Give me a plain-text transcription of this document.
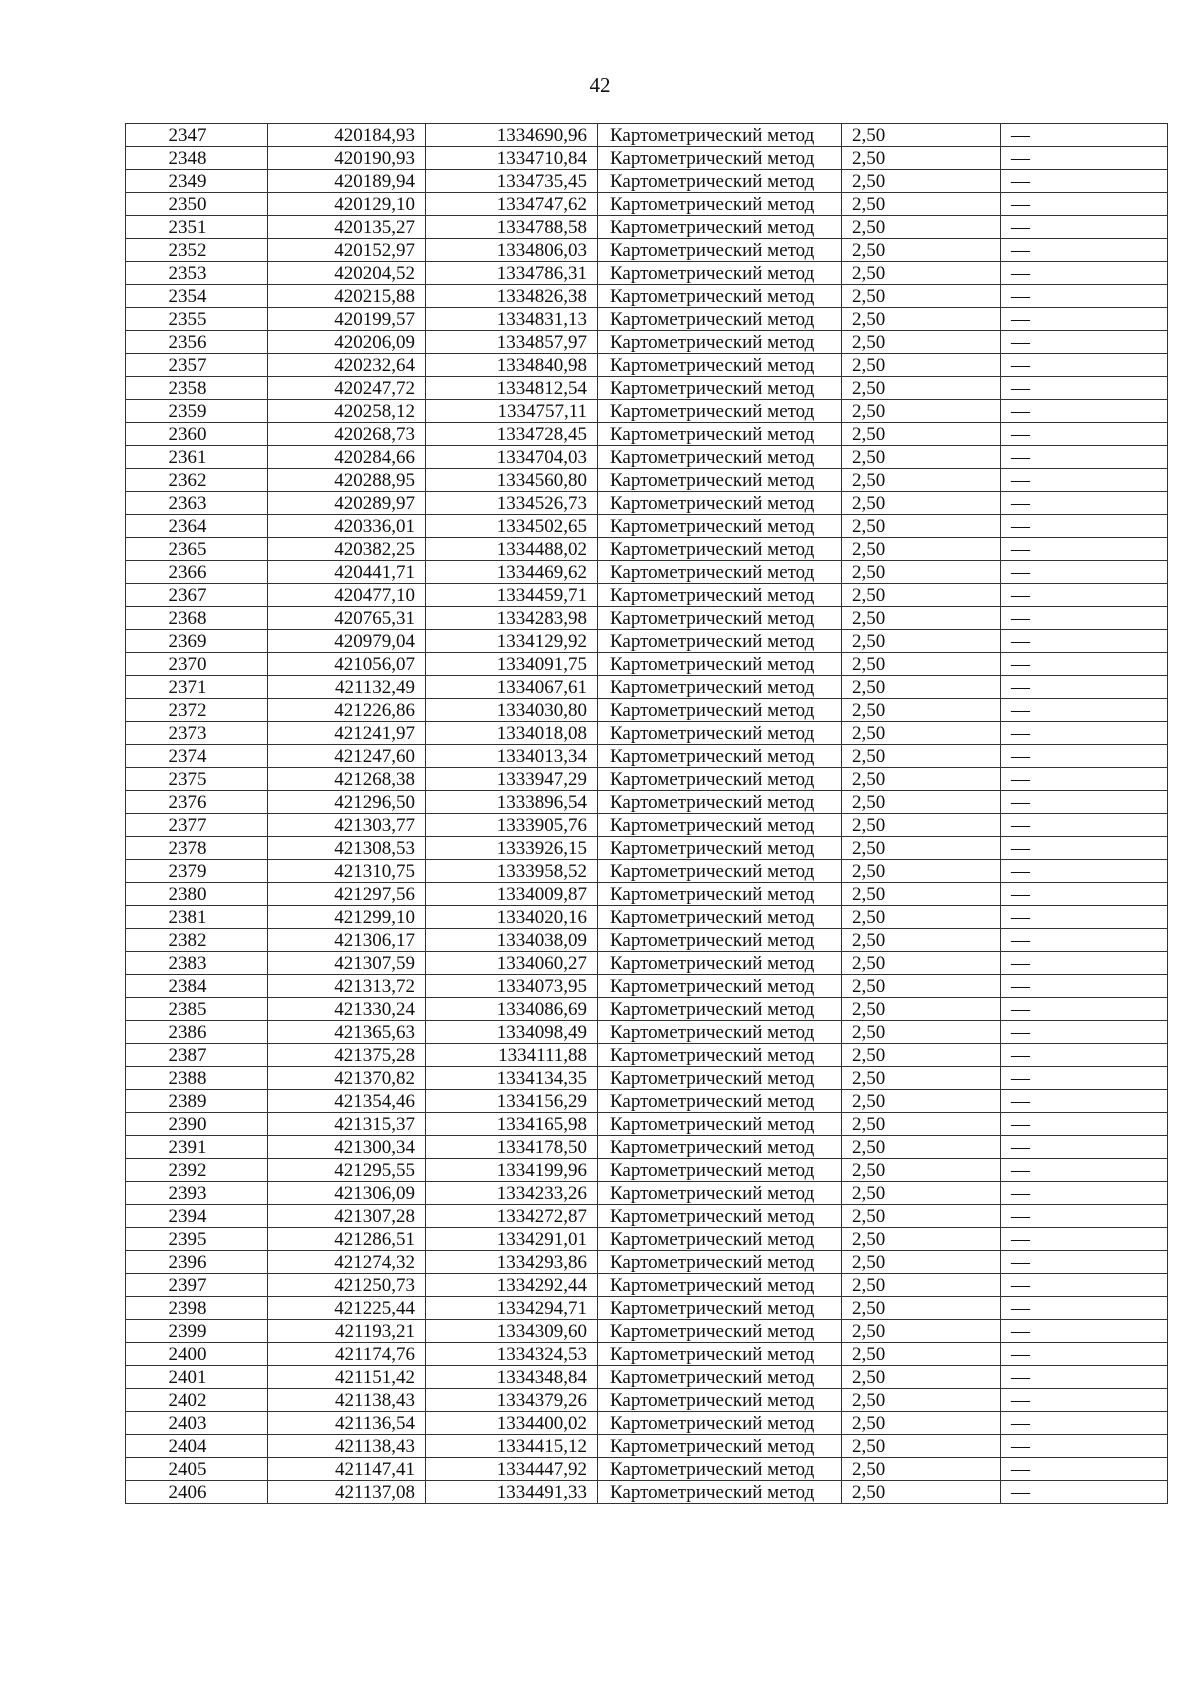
42
2347	420184,93	1334690,96	Картометрический метод	2,50	—
2348	420190,93	1334710,84	Картометрический метод	2,50	—
2349	420189,94	1334735,45	Картометрический метод	2,50	—
2350	420129,10	1334747,62	Картометрический метод	2,50	—
2351	420135,27	1334788,58	Картометрический метод	2,50	—
2352	420152,97	1334806,03	Картометрический метод	2,50	—
2353	420204,52	1334786,31	Картометрический метод	2,50	—
2354	420215,88	1334826,38	Картометрический метод	2,50	—
2355	420199,57	1334831,13	Картометрический метод	2,50	—
2356	420206,09	1334857,97	Картометрический метод	2,50	—
2357	420232,64	1334840,98	Картометрический метод	2,50	—
2358	420247,72	1334812,54	Картометрический метод	2,50	—
2359	420258,12	1334757,11	Картометрический метод	2,50	—
2360	420268,73	1334728,45	Картометрический метод	2,50	—
2361	420284,66	1334704,03	Картометрический метод	2,50	—
2362	420288,95	1334560,80	Картометрический метод	2,50	—
2363	420289,97	1334526,73	Картометрический метод	2,50	—
2364	420336,01	1334502,65	Картометрический метод	2,50	—
2365	420382,25	1334488,02	Картометрический метод	2,50	—
2366	420441,71	1334469,62	Картометрический метод	2,50	—
2367	420477,10	1334459,71	Картометрический метод	2,50	—
2368	420765,31	1334283,98	Картометрический метод	2,50	—
2369	420979,04	1334129,92	Картометрический метод	2,50	—
2370	421056,07	1334091,75	Картометрический метод	2,50	—
2371	421132,49	1334067,61	Картометрический метод	2,50	—
2372	421226,86	1334030,80	Картометрический метод	2,50	—
2373	421241,97	1334018,08	Картометрический метод	2,50	—
2374	421247,60	1334013,34	Картометрический метод	2,50	—
2375	421268,38	1333947,29	Картометрический метод	2,50	—
2376	421296,50	1333896,54	Картометрический метод	2,50	—
2377	421303,77	1333905,76	Картометрический метод	2,50	—
2378	421308,53	1333926,15	Картометрический метод	2,50	—
2379	421310,75	1333958,52	Картометрический метод	2,50	—
2380	421297,56	1334009,87	Картометрический метод	2,50	—
2381	421299,10	1334020,16	Картометрический метод	2,50	—
2382	421306,17	1334038,09	Картометрический метод	2,50	—
2383	421307,59	1334060,27	Картометрический метод	2,50	—
2384	421313,72	1334073,95	Картометрический метод	2,50	—
2385	421330,24	1334086,69	Картометрический метод	2,50	—
2386	421365,63	1334098,49	Картометрический метод	2,50	—
2387	421375,28	1334111,88	Картометрический метод	2,50	—
2388	421370,82	1334134,35	Картометрический метод	2,50	—
2389	421354,46	1334156,29	Картометрический метод	2,50	—
2390	421315,37	1334165,98	Картометрический метод	2,50	—
2391	421300,34	1334178,50	Картометрический метод	2,50	—
2392	421295,55	1334199,96	Картометрический метод	2,50	—
2393	421306,09	1334233,26	Картометрический метод	2,50	—
2394	421307,28	1334272,87	Картометрический метод	2,50	—
2395	421286,51	1334291,01	Картометрический метод	2,50	—
2396	421274,32	1334293,86	Картометрический метод	2,50	—
2397	421250,73	1334292,44	Картометрический метод	2,50	—
2398	421225,44	1334294,71	Картометрический метод	2,50	—
2399	421193,21	1334309,60	Картометрический метод	2,50	—
2400	421174,76	1334324,53	Картометрический метод	2,50	—
2401	421151,42	1334348,84	Картометрический метод	2,50	—
2402	421138,43	1334379,26	Картометрический метод	2,50	—
2403	421136,54	1334400,02	Картометрический метод	2,50	—
2404	421138,43	1334415,12	Картометрический метод	2,50	—
2405	421147,41	1334447,92	Картометрический метод	2,50	—
2406	421137,08	1334491,33	Картометрический метод	2,50	—
